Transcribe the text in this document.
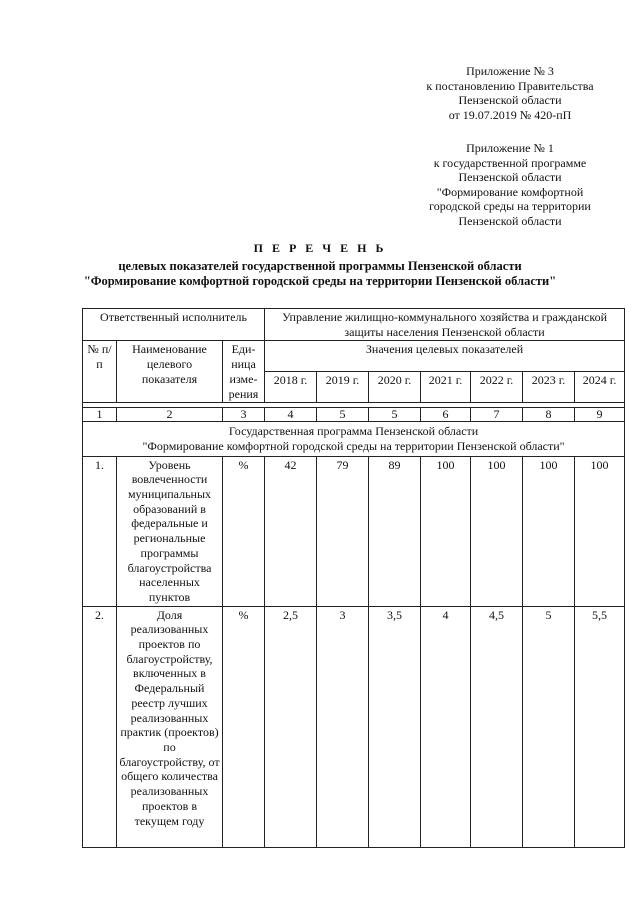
Приложение № 3
к постановлению Правительства
Пензенской области
от 19.07.2019 № 420-пП
Приложение № 1
к государственной программе
Пензенской области
"Формирование комфортной
городской среды на территории
Пензенской области
П Е Р Е Ч Е Н Ь
целевых показателей государственной программы Пензенской области
"Формирование комфортной городской среды на территории Пензенской области"
Ответственный исполнитель			Управление жилищно-коммунального хозяйства и гражданской защиты населения Пензенской области						
№ п/п	Наименование целевого показателя	Еди- ница изме- рения	Значения целевых показателей						
			2018 г.	2019 г.	2020 г.	2021 г.	2022 г.	2023 г.	2024 г.

1	2	3	4	5	5	6	7	8	9

Государственная программа Пензенской области
"Формирование комфортной городской среды на территории Пензенской области"									

1.	Уровень вовлеченности муниципальных образований в федеральные и региональные программы благоустройства населенных пунктов	%	42	79	89	100	100	100	100
2.	Доля реализованных проектов по благоустройству, включенных в Федеральный реестр лучших реализованных практик (проектов) по благоустройству, от общего количества реализованных проектов в текущем году	%	2,5	3	3,5	4	4,5	5	5,5
